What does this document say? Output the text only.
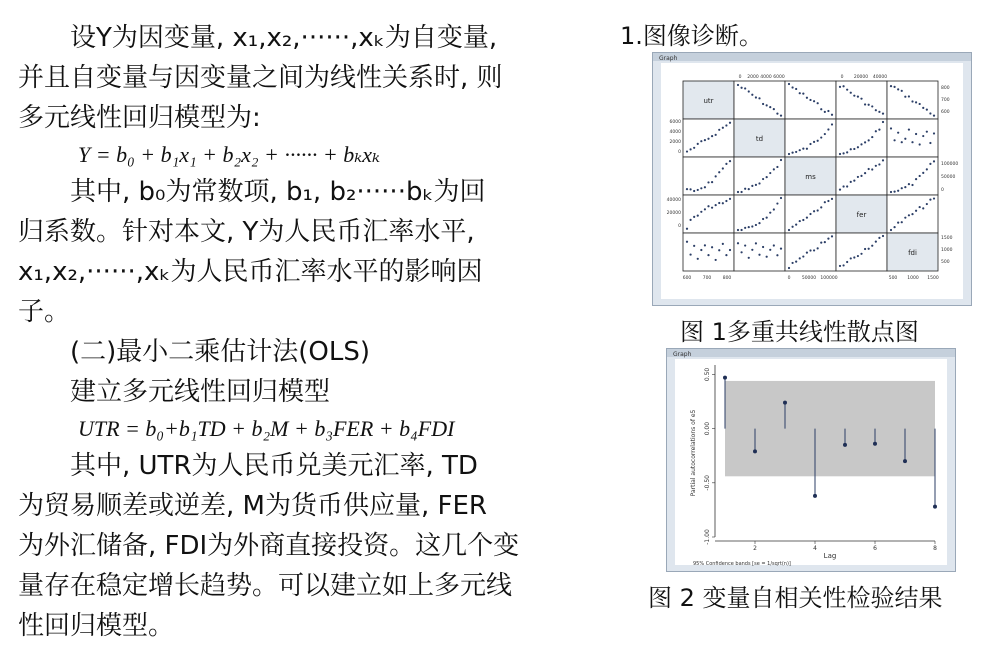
设Y为因变量, x₁,x₂,······,xₖ为自变量,

并且自变量与因变量之间为线性关系时, 则

多元线性回归模型为:

Y = b₀ + b₁x₁ + b₂x₂ + ······ + bₖxₖ

其中, b₀为常数项, b₁, b₂······bₖ为回

归系数。针对本文, Y为人民币汇率水平,

x₁,x₂,······,xₖ为人民币汇率水平的影响因

子。

(二)最小二乘估计法(OLS)

建立多元线性回归模型

UTR = b₀+b₁TD + b₂M + b₃FER + b₄FDI

其中, UTR为人民币兑美元汇率, TD

为贸易顺差或逆差, M为货币供应量, FER

为外汇储备, FDI为外商直接投资。这几个变

量存在稳定增长趋势。可以建立如上多元线

性回归模型。

1.图像诊断。

Graph
0 2000 4000 6000	0 20000 40000
800
700
600
100000
50000
0
1500
1000
500
6000
4000
2000
0
40000
20000
0
600	700	800	0	50000 100000	500 1000 1500
utr
td
ms
fer
fdi
图 1多重共线性散点图
Graph
0.50
0.00
-0.50
-1.00
2	4	6	8
Partial autocorrelations of e5
Lag
95% Confidence bands [se = 1/sqrt(n)]
图 2 变量自相关性检验结果
